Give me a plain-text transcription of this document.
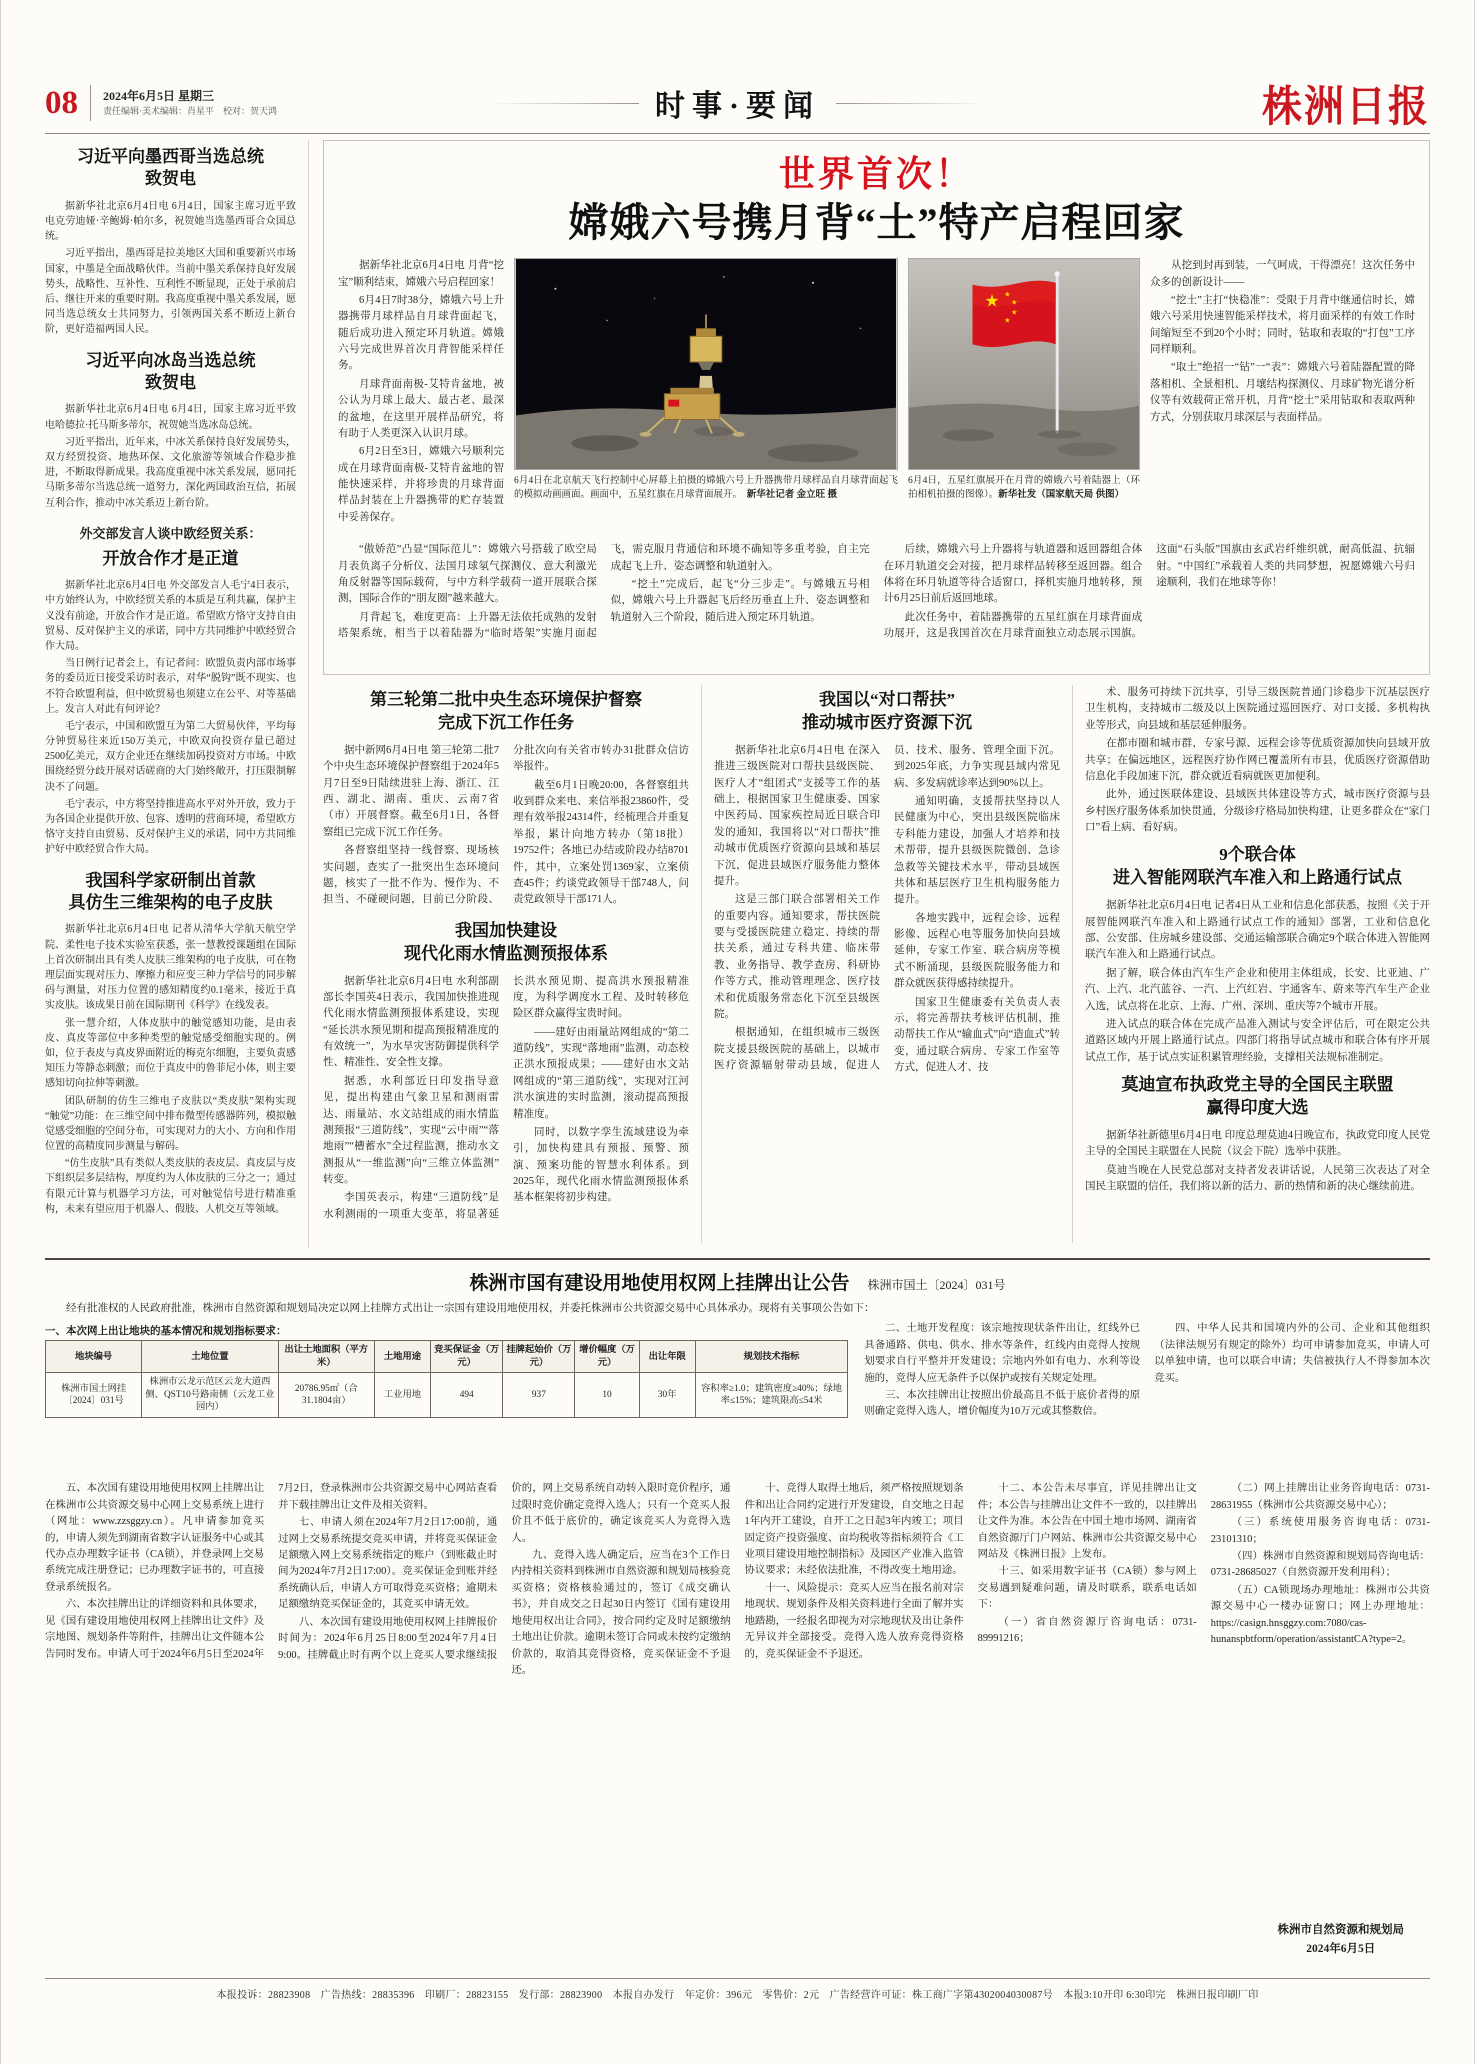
08 2024年6月5日 星期三
责任编辑·美术编辑：肖星平　校对：贺天鸿	时事·要闻	株洲日报
习近平向墨西哥当选总统
致贺电

据新华社北京6月4日电 6月4日，国家主席习近平致电克劳迪娅·辛鲍姆·帕尔多，祝贺她当选墨西哥合众国总统。

习近平指出，墨西哥是拉美地区大国和重要新兴市场国家，中墨是全面战略伙伴。当前中墨关系保持良好发展势头，战略性、互补性、互利性不断显现，正处于承前启后、继往开来的重要时期。我高度重视中墨关系发展，愿同当选总统女士共同努力，引领两国关系不断迈上新台阶，更好造福两国人民。

习近平向冰岛当选总统
致贺电

据新华社北京6月4日电 6月4日，国家主席习近平致电哈德拉·托马斯多蒂尔，祝贺她当选冰岛总统。

习近平指出，近年来，中冰关系保持良好发展势头，双方经贸投资、地热环保、文化旅游等领域合作稳步推进，不断取得新成果。我高度重视中冰关系发展，愿同托马斯多蒂尔当选总统一道努力，深化两国政治互信，拓展互利合作，推动中冰关系迈上新台阶。

外交部发言人谈中欧经贸关系：
开放合作才是正道

据新华社北京6月4日电 外交部发言人毛宁4日表示，中方始终认为，中欧经贸关系的本质是互利共赢，保护主义没有前途，开放合作才是正道。希望欧方恪守支持自由贸易、反对保护主义的承诺，同中方共同维护中欧经贸合作大局。

当日例行记者会上，有记者问：欧盟负责内部市场事务的委员近日接受采访时表示，对华“脱钩”既不现实、也不符合欧盟利益，但中欧贸易也须建立在公平、对等基础上。发言人对此有何评论？

毛宁表示，中国和欧盟互为第二大贸易伙伴，平均每分钟贸易往来近150万美元，中欧双向投资存量已超过2500亿美元，双方企业还在继续加码投资对方市场。中欧围绕经贸分歧开展对话磋商的大门始终敞开，打压限制解决不了问题。

毛宁表示，中方将坚持推进高水平对外开放，致力于为各国企业提供开放、包容、透明的营商环境，希望欧方恪守支持自由贸易、反对保护主义的承诺，同中方共同维护好中欧经贸合作大局。

我国科学家研制出首款
具仿生三维架构的电子皮肤

据新华社北京6月4日电 记者从清华大学航天航空学院、柔性电子技术实验室获悉，张一慧教授课题组在国际上首次研制出具有类人皮肤三维架构的电子皮肤，可在物理层面实现对压力、摩擦力和应变三种力学信号的同步解码与测量，对压力位置的感知精度约0.1毫米，接近于真实皮肤。该成果日前在国际期刊《科学》在线发表。

张一慧介绍，人体皮肤中的触觉感知功能，是由表皮、真皮等部位中多种类型的触觉感受细胞实现的。例如，位于表皮与真皮界面附近的梅克尔细胞，主要负责感知压力等静态刺激；而位于真皮中的鲁菲尼小体，则主要感知切向拉伸等刺激。

团队研制的仿生三维电子皮肤以“类皮肤”架构实现“触觉”功能：在三维空间中排布微型传感器阵列，模拟触觉感受细胞的空间分布，可实现对力的大小、方向和作用位置的高精度同步测量与解码。

“仿生皮肤”具有类似人类皮肤的表皮层、真皮层与皮下组织层多层结构，厚度约为人体皮肤的三分之一；通过有限元计算与机器学习方法，可对触觉信号进行精准重构，未来有望应用于机器人、假肢、人机交互等领域。

世界首次！
嫦娥六号携月背“土”特产启程回家

据新华社北京6月4日电 月背“挖宝”顺利结束，嫦娥六号启程回家！

6月4日7时38分，嫦娥六号上升器携带月球样品自月球背面起飞，随后成功进入预定环月轨道。嫦娥六号完成世界首次月背智能采样任务。

月球背面南极-艾特肯盆地，被公认为月球上最大、最古老、最深的盆地，在这里开展样品研究，将有助于人类更深入认识月球。

6月2日至3日，嫦娥六号顺利完成在月球背面南极-艾特肯盆地的智能快速采样，并将珍贵的月球背面样品封装在上升器携带的贮存装置中妥善保存。

6月4日在北京航天飞行控制中心屏幕上拍摄的嫦娥六号上升器携带月球样品自月球背面起飞的模拟动画画面。画面中，五星红旗在月球背面展开。　 新华社记者 金立旺 摄
★ ★
★
★
★
6月4日，五星红旗展开在月背的嫦娥六号着陆器上（环拍相机拍摄的图像）。新华社发（国家航天局 供图）

从挖到封再到装，一气呵成，干得漂亮！这次任务中众多的创新设计——

“挖土”主打“快稳准”：受限于月背中继通信时长，嫦娥六号采用快速智能采样技术，将月面采样的有效工作时间缩短至不到20个小时；同时，钻取和表取的“打包”工序同样顺利。

“取土”绝招一“钻”一“表”：嫦娥六号着陆器配置的降落相机、全景相机、月壤结构探测仪、月球矿物光谱分析仪等有效载荷正常开机，月背“挖土”采用钻取和表取两种方式，分别获取月球深层与表面样品。

“傲娇范”凸显“国际范儿”：嫦娥六号搭载了欧空局月表负离子分析仪、法国月球氡气探测仪、意大利激光角反射器等国际载荷，与中方科学载荷一道开展联合探测，国际合作的“朋友圈”越来越大。

月背起飞，难度更高：上升器无法依托成熟的发射塔架系统，相当于以着陆器为“临时塔架”实施月面起飞，需克服月背通信和环境不确知等多重考验，自主完成起飞上升、姿态调整和轨道射入。

“挖土”完成后，起飞“分三步走”。与嫦娥五号相似，嫦娥六号上升器起飞后经历垂直上升、姿态调整和轨道射入三个阶段，随后进入预定环月轨道。

后续，嫦娥六号上升器将与轨道器和返回器组合体在环月轨道交会对接，把月球样品转移至返回器。组合体将在环月轨道等待合适窗口，择机实施月地转移，预计6月25日前后返回地球。

此次任务中，着陆器携带的五星红旗在月球背面成功展开，这是我国首次在月球背面独立动态展示国旗。这面“石头版”国旗由玄武岩纤维织就，耐高低温、抗辐射。“中国红”承载着人类的共同梦想，祝愿嫦娥六号归途顺利，我们在地球等你！

第三轮第二批中央生态环境保护督察
完成下沉工作任务

据中新网6月4日电 第三轮第二批7个中央生态环境保护督察组于2024年5月7日至9日陆续进驻上海、浙江、江西、湖北、湖南、重庆、云南7省（市）开展督察。截至6月1日，各督察组已完成下沉工作任务。

各督察组坚持一线督察、现场核实问题，查实了一批突出生态环境问题，核实了一批不作为、慢作为、不担当、不碰硬问题，目前已分阶段、分批次向有关省市转办31批群众信访举报件。

截至6月1日晚20:00，各督察组共收到群众来电、来信举报23860件，受理有效举报24314件，经梳理合并重复举报，累计向地方转办（第18批）19752件；各地已办结或阶段办结8701件，其中，立案处罚1369家，立案侦查45件；约谈党政领导干部748人，问责党政领导干部171人。

我国加快建设
现代化雨水情监测预报体系

据新华社北京6月4日电 水利部副部长李国英4日表示，我国加快推进现代化雨水情监测预报体系建设，实现“延长洪水预见期和提高预报精准度的有效统一”，为水旱灾害防御提供科学性、精准性、安全性支撑。

据悉，水利部近日印发指导意见，提出构建由气象卫星和测雨雷达、雨量站、水文站组成的雨水情监测预报“三道防线”，实现“云中雨”“落地雨”“槽蓄水”全过程监测，推动水文测报从“一维监测”向“三维立体监测”转变。

李国英表示，构建“三道防线”是水利测雨的一项重大变革，将显著延长洪水预见期、提高洪水预报精准度，为科学调度水工程、及时转移危险区群众赢得宝贵时间。

——建好由雨量站网组成的“第二道防线”，实现“落地雨”监测，动态校正洪水预报成果；——建好由水文站网组成的“第三道防线”，实现对江河洪水演进的实时监测，滚动提高预报精准度。

同时，以数字孪生流域建设为牵引，加快构建具有预报、预警、预演、预案功能的智慧水利体系。到2025年，现代化雨水情监测预报体系基本框架将初步构建。

我国以“对口帮扶”
推动城市医疗资源下沉

据新华社北京6月4日电 在深入推进三级医院对口帮扶县级医院、医疗人才“组团式”支援等工作的基础上，根据国家卫生健康委、国家中医药局、国家疾控局近日联合印发的通知，我国将以“对口帮扶”推动城市优质医疗资源向县域和基层下沉，促进县域医疗服务能力整体提升。

这是三部门联合部署相关工作的重要内容。通知要求，帮扶医院要与受援医院建立稳定、持续的帮扶关系，通过专科共建、临床带教、业务指导、教学查房、科研协作等方式，推动管理理念、医疗技术和优质服务常态化下沉至县级医院。

根据通知，在组织城市三级医院支援县级医院的基础上，以城市医疗资源辐射带动县域，促进人员、技术、服务、管理全面下沉。到2025年底，力争实现县域内常见病、多发病就诊率达到90%以上。

通知明确，支援帮扶坚持以人民健康为中心，突出县级医院临床专科能力建设，加强人才培养和技术帮带，提升县级医院微创、急诊急救等关键技术水平，带动县域医共体和基层医疗卫生机构服务能力提升。

各地实践中，远程会诊、远程影像、远程心电等服务加快向县域延伸，专家工作室、联合病房等模式不断涌现，县级医院服务能力和群众就医获得感持续提升。

国家卫生健康委有关负责人表示，将完善帮扶考核评估机制，推动帮扶工作从“输血式”向“造血式”转变，通过联合病房、专家工作室等方式，促进人才、技

术、服务可持续下沉共享，引导三级医院普通门诊稳步下沉基层医疗卫生机构，支持城市二级及以上医院通过巡回医疗、对口支援、多机构执业等形式，向县域和基层延伸服务。

在都市圈和城市群，专家号源、远程会诊等优质资源加快向县域开放共享；在偏远地区，远程医疗协作网已覆盖所有市县，优质医疗资源借助信息化手段加速下沉，群众就近看病就医更加便利。

此外，通过医联体建设、县域医共体建设等方式，城市医疗资源与县乡村医疗服务体系加快贯通，分级诊疗格局加快构建，让更多群众在“家门口”看上病、看好病。

9个联合体
进入智能网联汽车准入和上路通行试点

据新华社北京6月4日电 记者4日从工业和信息化部获悉，按照《关于开展智能网联汽车准入和上路通行试点工作的通知》部署，工业和信息化部、公安部、住房城乡建设部、交通运输部联合确定9个联合体进入智能网联汽车准入和上路通行试点。

据了解，联合体由汽车生产企业和使用主体组成，长安、比亚迪、广汽、上汽、北汽蓝谷、一汽、上汽红岩、宇通客车、蔚来等汽车生产企业入选，试点将在北京、上海、广州、深圳、重庆等7个城市开展。

进入试点的联合体在完成产品准入测试与安全评估后，可在限定公共道路区域内开展上路通行试点。四部门将指导试点城市和联合体有序开展试点工作，基于试点实证积累管理经验，支撑相关法规标准制定。

莫迪宣布执政党主导的全国民主联盟
赢得印度大选

据新华社新德里6月4日电 印度总理莫迪4日晚宣布，执政党印度人民党主导的全国民主联盟在人民院（议会下院）选举中获胜。

莫迪当晚在人民党总部对支持者发表讲话说，人民第三次表达了对全国民主联盟的信任，我们将以新的活力、新的热情和新的决心继续前进。

株洲市国有建设用地使用权网上挂牌出让公告 株洲市国土〔2024〕031号

经有批准权的人民政府批准，株洲市自然资源和规划局决定以网上挂牌方式出让一宗国有建设用地使用权，并委托株洲市公共资源交易中心具体承办。现将有关事项公告如下：

一、本次网上出让地块的基本情况和规划指标要求：

地块编号	土地位置	出让土地面积（平方米）	土地用途	竞买保证金（万元）	挂牌起始价（万元）	增价幅度（万元）	出让年限	规划技术指标
株洲市国土网挂〔2024〕031号	株洲市云龙示范区云龙大道西侧、QST10号路南侧（云龙工业园内）	20786.95㎡（合31.1804亩）	工业用地	494	937	10	30年	容积率≥1.0；建筑密度≥40%；绿地率≤15%；建筑限高≤54米

二、土地开发程度：该宗地按现状条件出让，红线外已具备通路、供电、供水、排水等条件，红线内由竞得人按规划要求自行平整并开发建设；宗地内外如有电力、水利等设施的，竞得人应无条件予以保护或按有关规定处理。

三、本次挂牌出让按照出价最高且不低于底价者得的原则确定竞得入选人，增价幅度为10万元或其整数倍。

四、中华人民共和国境内外的公司、企业和其他组织（法律法规另有规定的除外）均可申请参加竞买，申请人可以单独申请，也可以联合申请；失信被执行人不得参加本次竞买。

五、本次国有建设用地使用权网上挂牌出让在株洲市公共资源交易中心网上交易系统上进行（网址：www.zzsggzy.cn）。凡申请参加竞买的，申请人须先到湖南省数字认证服务中心或其代办点办理数字证书（CA锁），并登录网上交易系统完成注册登记；已办理数字证书的，可直接登录系统报名。

六、本次挂牌出让的详细资料和具体要求，见《国有建设用地使用权网上挂牌出让文件》及宗地图、规划条件等附件，挂牌出让文件随本公告同时发布。申请人可于2024年6月5日至2024年7月2日，登录株洲市公共资源交易中心网站查看并下载挂牌出让文件及相关资料。

七、申请人须在2024年7月2日17:00前，通过网上交易系统提交竞买申请，并将竞买保证金足额缴入网上交易系统指定的账户（到账截止时间为2024年7月2日17:00）。竞买保证金到账并经系统确认后，申请人方可取得竞买资格；逾期未足额缴纳竞买保证金的，其竞买申请无效。

八、本次国有建设用地使用权网上挂牌报价时间为：2024年6月25日8:00至2024年7月4日9:00。挂牌截止时有两个以上竞买人要求继续报价的，网上交易系统自动转入限时竞价程序，通过限时竞价确定竞得入选人；只有一个竞买人报价且不低于底价的，确定该竞买人为竞得入选人。

九、竞得入选人确定后，应当在3个工作日内持相关资料到株洲市自然资源和规划局核验竞买资格；资格核验通过的，签订《成交确认书》，并自成交之日起30日内签订《国有建设用地使用权出让合同》，按合同约定及时足额缴纳土地出让价款。逾期未签订合同或未按约定缴纳价款的，取消其竞得资格，竞买保证金不予退还。

十、竞得人取得土地后，须严格按照规划条件和出让合同约定进行开发建设，自交地之日起1年内开工建设，自开工之日起3年内竣工；项目固定资产投资强度、亩均税收等指标须符合《工业项目建设用地控制指标》及园区产业准入监管协议要求；未经依法批准，不得改变土地用途。

十一、风险提示：竞买人应当在报名前对宗地现状、规划条件及相关资料进行全面了解并实地踏勘，一经报名即视为对宗地现状及出让条件无异议并全部接受。竞得入选人放弃竞得资格的，竞买保证金不予退还。

十二、本公告未尽事宜，详见挂牌出让文件；本公告与挂牌出让文件不一致的，以挂牌出让文件为准。本公告在中国土地市场网、湖南省自然资源厅门户网站、株洲市公共资源交易中心网站及《株洲日报》上发布。

十三、如采用数字证书（CA锁）参与网上交易遇到疑难问题，请及时联系，联系电话如下：

（一）省自然资源厅咨询电话：0731-89991216；

（二）网上挂牌出让业务咨询电话：0731-28631955（株洲市公共资源交易中心）；

（三）系统使用服务咨询电话：0731-23101310；

（四）株洲市自然资源和规划局咨询电话：0731-28685027（自然资源开发利用科）；

（五）CA锁现场办理地址：株洲市公共资源交易中心一楼办证窗口；网上办理地址：https://casign.hnsggzy.com:7080/cas-hunanspbtform/operation/assistantCA?type=2。

株洲市自然资源和规划局
2024年6月5日
本报投诉：28823908　广告热线：28835396　印刷厂：28823155　发行部：28823900　本报自办发行　年定价：396元　零售价：2元　广告经营许可证：株工商广字第4302004030087号　本报3:10开印 6:30印完　株洲日报印刷厂印
